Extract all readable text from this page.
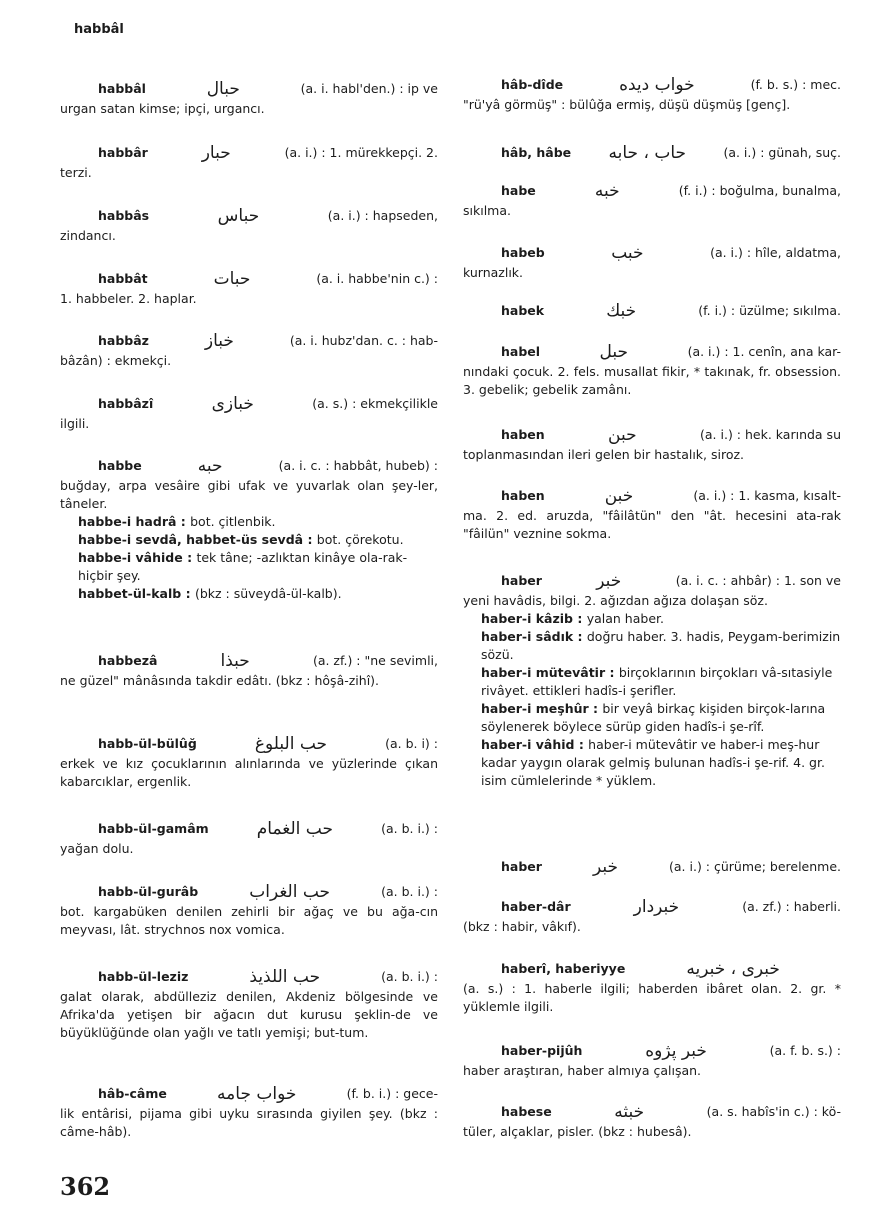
habbâl
habbâl	حبال	(a. i. habl'den.) : ip ve
urgan satan kimse; ipçi, urgancı.
habbâr	حبار	(a. i.) : 1. mürekkepçi. 2.
terzi.
habbâs	حباس	(a. i.) : hapseden,
zindancı.
habbât	حبات	(a. i. habbe'nin c.) :
1. habbeler. 2. haplar.
habbâz	خباز	(a. i. hubz'dan. c. : hab-
bâzân) : ekmekçi.
habbâzî	خبازى	(a. s.) : ekmekçilikle
ilgili.
habbe	حبه	(a. i. c. : habbât, hubeb) :
buğday, arpa vesâire gibi ufak ve yuvarlak olan şey-ler, tâneler.
habbe-i hadrâ : bot. çitlenbik.
habbe-i sevdâ, habbet-üs sevdâ : bot. çörekotu.
habbe-i vâhide : tek tâne; -azlıktan kinâye ola-rak- hiçbir şey.
habbet-ül-kalb : (bkz : süveydâ-ül-kalb).
habbezâ	حبذا	(a. zf.) : "ne sevimli,
ne güzel" mânâsında takdir edâtı. (bkz : hôşâ-zihî).
habb-ül-bülûğ	حب البلوغ	(a. b. i) :
erkek ve kız çocuklarının alınlarında ve yüzlerinde çıkan kabarcıklar, ergenlik.
habb-ül-gamâm	حب الغمام	(a. b. i.) :
yağan dolu.
habb-ül-gurâb	حب الغراب	(a. b. i.) :
bot. kargabüken denilen zehirli bir ağaç ve bu ağa-cın meyvası, lât. strychnos nox vomica.
habb-ül-leziz	حب اللذيذ	(a. b. i.) :
galat olarak, abdülleziz denilen, Akdeniz bölgesinde ve Afrika'da yetişen bir ağacın dut kurusu şeklin-de ve büyüklüğünde olan yağlı ve tatlı yemişi; but-tum.
hâb-câme	خواب جامه	(f. b. i.) : gece-
lik entârisi, pijama gibi uyku sırasında giyilen şey. (bkz : câme-hâb).
hâb-dîde	خواب ديده	(f. b. s.) : mec.
"rü'yâ görmüş" : bülûğa ermiş, düşü düşmüş [genç].
hâb, hâbe	حاب ، حابه	(a. i.) : günah, suç.
habe	خبه	(f. i.) : boğulma, bunalma,
sıkılma.
habeb	خبب	(a. i.) : hîle, aldatma,
kurnazlık.
habek	خبك	(f. i.) : üzülme; sıkılma.
habel	حبل	(a. i.) : 1. cenîn, ana kar-
nındaki çocuk. 2. fels. musallat fikir, * takınak, fr. obsession. 3. gebelik; gebelik zamânı.
haben	حبن	(a. i.) : hek. karında su
toplanmasından ileri gelen bir hastalık, siroz.
haben	خبن	(a. i.) : 1. kasma, kısalt-
ma. 2. ed. aruzda, "fâilâtün" den "ât. hecesini ata-rak "fâilün" veznine sokma.
haber	خبر	(a. i. c. : ahbâr) : 1. son ve
yeni havâdis, bilgi. 2. ağızdan ağıza dolaşan söz.
haber-i kâzib : yalan haber.
haber-i sâdık : doğru haber. 3. hadis, Peygam-berimizin sözü.
haber-i mütevâtir : birçoklarının birçokları vâ-sıtasiyle rivâyet. ettikleri hadîs-i şerifler.
haber-i meşhûr : bir veyâ birkaç kişiden birçok-larına söylenerek böylece sürüp giden hadîs-i şe-rîf.
haber-i vâhid : haber-i mütevâtir ve haber-i meş-hur kadar yaygın olarak gelmiş bulunan hadîs-i şe-rif. 4. gr. isim cümlelerinde * yüklem.
haber	خبر	(a. i.) : çürüme; berelenme.
haber-dâr	خبردار	(a. zf.) : haberli.
(bkz : habir, vâkıf).
haberî, haberiyye	خبرى ، خبريه
(a. s.) : 1. haberle ilgili; haberden ibâret olan. 2. gr. * yüklemle ilgili.
haber-pijûh	خبر پژوه	(a. f. b. s.) :
haber araştıran, haber almıya çalışan.
habese	خبثه	(a. s. habîs'in c.) : kö-
tüler, alçaklar, pisler. (bkz : hubesâ).
362
